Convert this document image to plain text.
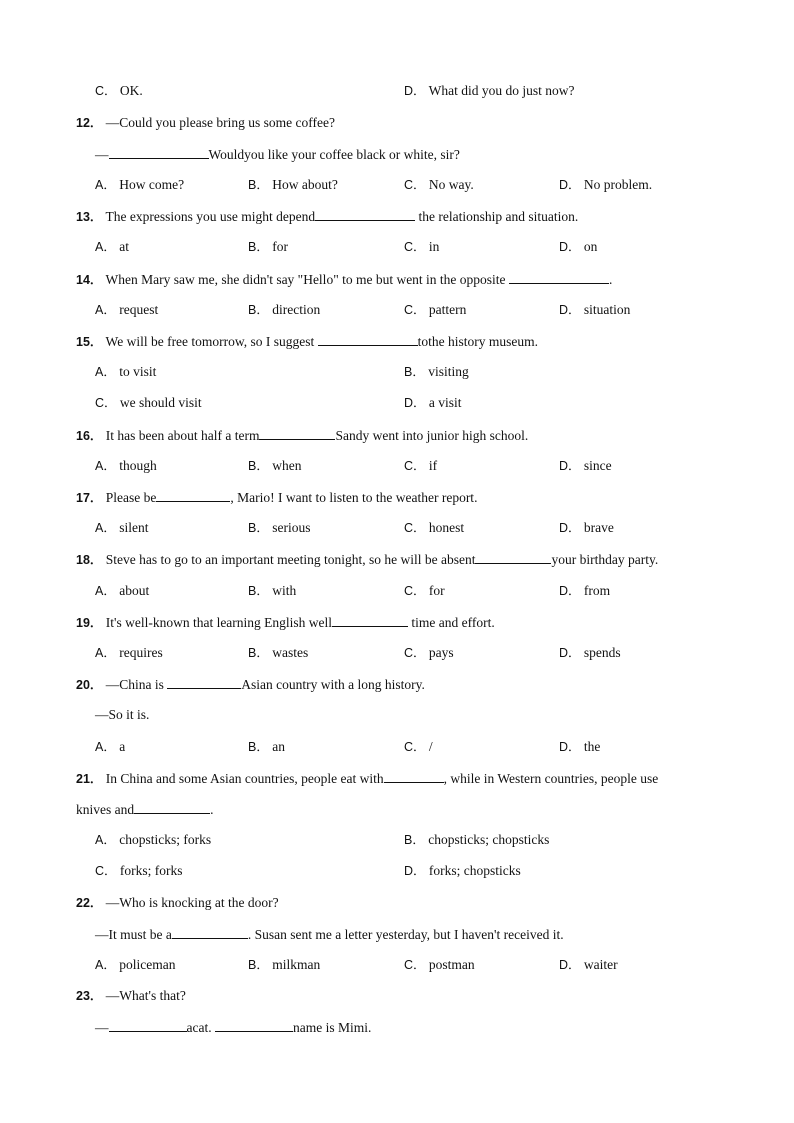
C． OK.	D． What did you do just now?
12． —Could you please bring us some coffee?
—	Wouldyou like your coffee black or white, sir?
A． How come?	B． How about?	C． No way.	D． No problem.
13． The expressions you use might depend	the relationship and situation.
A． at	B． for	C． in	D． on
14． When Mary saw me, she didn't say "Hello" to me but went in the opposite	.
A． request	B． direction	C． pattern	D． situation
15． We will be free tomorrow, so I suggest	tothe history museum.
A． to visit	B． visiting
C． we should visit	D． a visit
16． It has been about half a term	Sandy went into junior high school.
A． though	B． when	C． if	D． since
17． Please be	, Mario! I want to listen to the weather report.
A． silent	B． serious	C． honest	D． brave
18． Steve has to go to an important meeting tonight, so he will be absent	your birthday party.
A． about	B． with	C． for	D． from
19． It's well-known that learning English well	time and effort.
A． requires	B． wastes	C． pays	D． spends
20． —China is	Asian country with a long history.
—So it is.
A． a	B． an	C． /	D． the
21． In China and some Asian countries, people eat with	, while in Western countries, people use
knives and	.
A． chopsticks; forks	B． chopsticks; chopsticks
C． forks; forks	D． forks; chopsticks
22． —Who is knocking at the door?
—It must be a	. Susan sent me a letter yesterday, but I haven't received it.
A． policeman	B． milkman	C． postman	D． waiter
23． —What's that?
—	acat.	name is Mimi.
